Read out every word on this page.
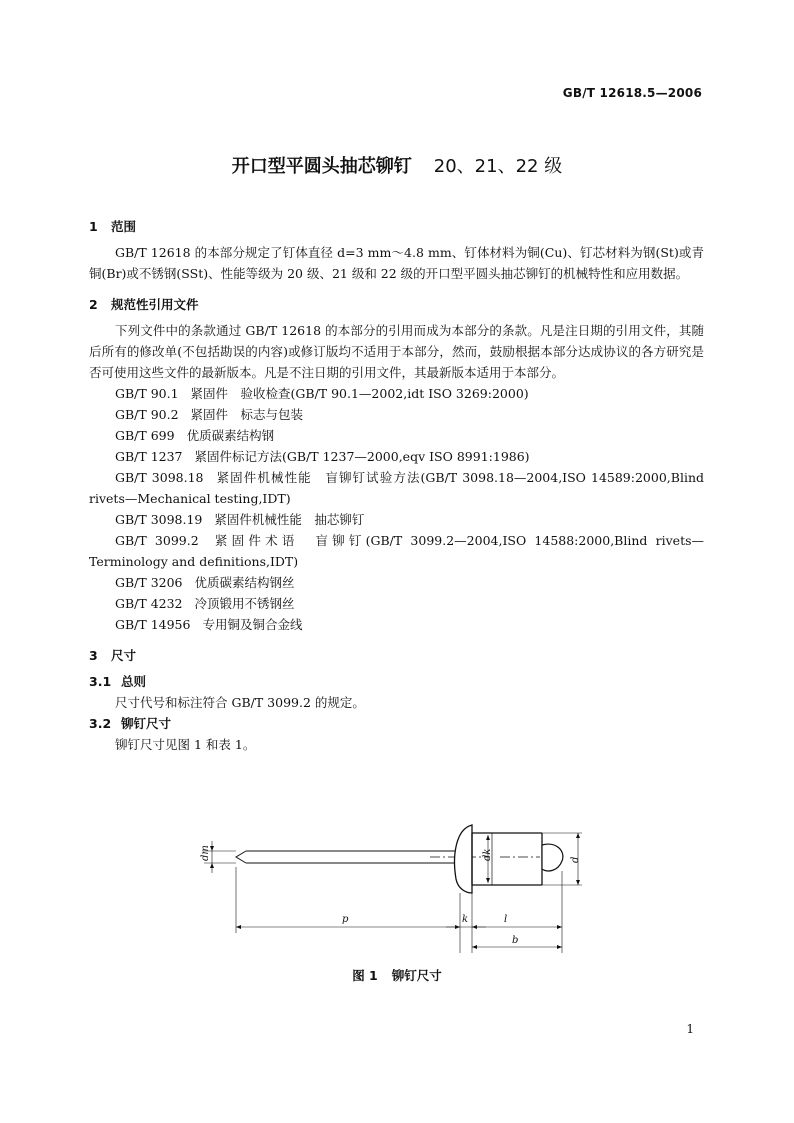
GB/T 12618.5—2006
开口型平圆头抽芯铆钉 20、21、22 级
1 范围

GB/T 12618 的本部分规定了钉体直径 d=3 mm～4.8 mm、钉体材料为铜(Cu)、钉芯材料为钢(St)或青铜(Br)或不锈钢(SSt)、性能等级为 20 级、21 级和 22 级的开口型平圆头抽芯铆钉的机械特性和应用数据。

2 规范性引用文件

下列文件中的条款通过 GB/T 12618 的本部分的引用而成为本部分的条款。凡是注日期的引用文件，其随后所有的修改单(不包括勘误的内容)或修订版均不适用于本部分，然而，鼓励根据本部分达成协议的各方研究是否可使用这些文件的最新版本。凡是不注日期的引用文件，其最新版本适用于本部分。

GB/T 90.1 紧固件　验收检查(GB/T 90.1—2002,idt ISO 3269:2000)

GB/T 90.2 紧固件　标志与包装

GB/T 699 优质碳素结构钢

GB/T 1237 紧固件标记方法(GB/T 1237—2000,eqv ISO 8991:1986)

GB/T 3098.18 紧固件机械性能　盲铆钉试验方法(GB/T 3098.18—2004,ISO 14589:2000,Blind rivets—Mechanical testing,IDT)

GB/T 3098.19 紧固件机械性能　抽芯铆钉

GB/T 3099.2 紧固件术语　盲铆钉(GB/T 3099.2—2004,ISO 14588:2000,Blind rivets—Terminology and definitions,IDT)

GB/T 3206 优质碳素结构钢丝

GB/T 4232 冷顶锻用不锈钢丝

GB/T 14956 专用铜及铜合金线

3 尺寸
3.1 总则

尺寸代号和标注符合 GB/T 3099.2 的规定。

3.2 铆钉尺寸

铆钉尺寸见图 1 和表 1。

dm	dk	d
p	k	l
b
图 1 铆钉尺寸
1
